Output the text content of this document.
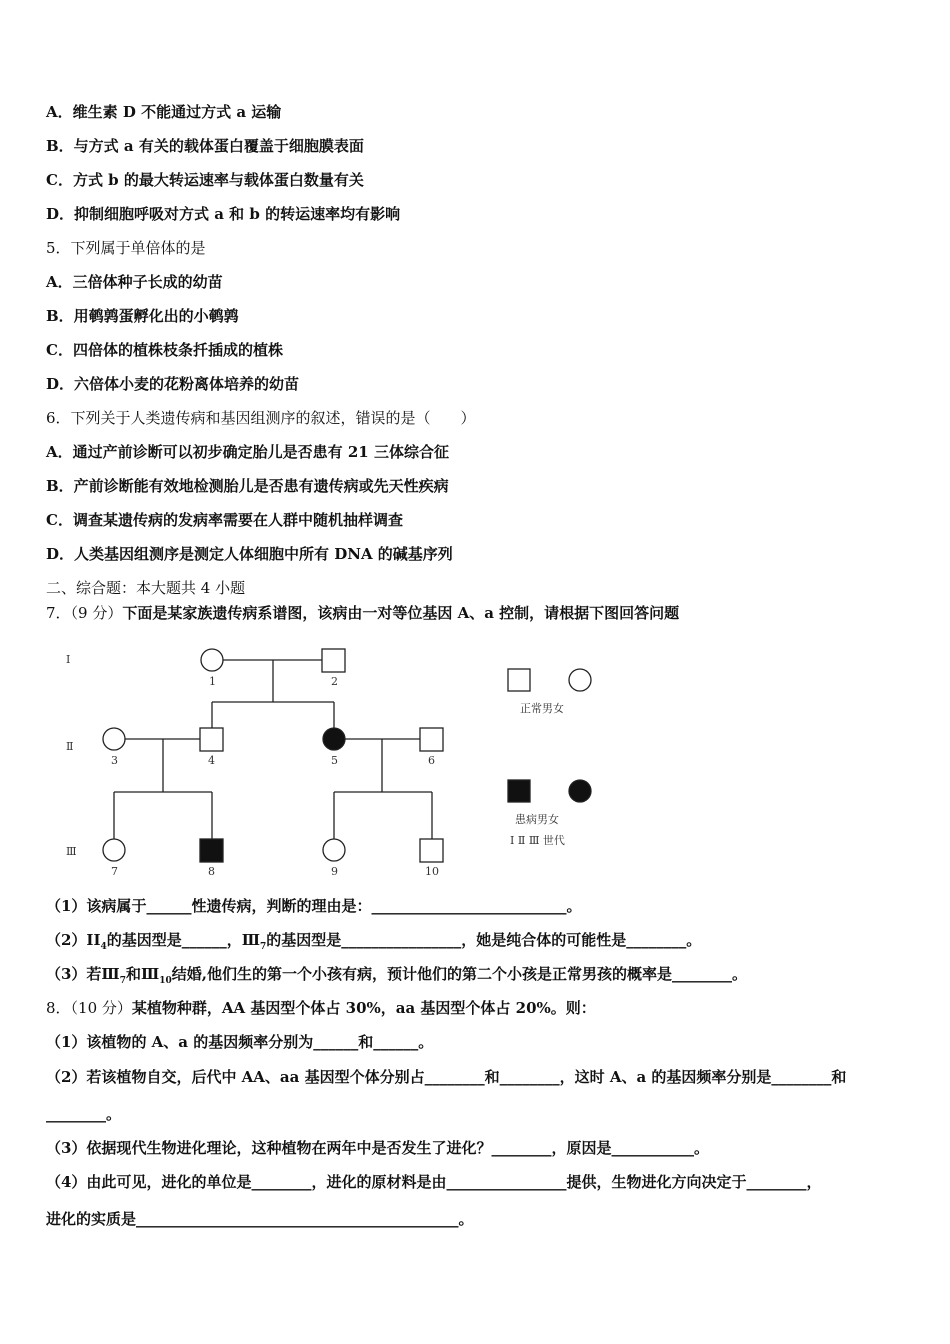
A．维生素 D 不能通过方式 a 运输
B．与方式 a 有关的载体蛋白覆盖于细胞膜表面
C．方式 b 的最大转运速率与载体蛋白数量有关
D．抑制细胞呼吸对方式 a 和 b 的转运速率均有影响
5．下列属于单倍体的是
A．三倍体种子长成的幼苗
B．用鹌鹑蛋孵化出的小鹌鹑
C．四倍体的植株枝条扦插成的植株
D．六倍体小麦的花粉离体培养的幼苗
6．下列关于人类遗传病和基因组测序的叙述，错误的是（　　）
A．通过产前诊断可以初步确定胎儿是否患有 21 三体综合征
B．产前诊断能有效地检测胎儿是否患有遗传病或先天性疾病
C．调查某遗传病的发病率需要在人群中随机抽样调查
D．人类基因组测序是测定人体细胞中所有 DNA 的碱基序列
二、综合题：本大题共 4 小题
7．（9 分）下面是某家族遗传病系谱图，该病由一对等位基因 A、a 控制，请根据下图回答问题
Ⅰ
Ⅱ
Ⅲ
1	2
3	4	5	6
7	8	9	10
正常男女
患病男女
Ⅰ Ⅱ Ⅲ 世代
（1）该病属于______性遗传病，判断的理由是：__________________________。
$(2)II_4$的基因型是______，$Ⅲ_7$的基因型是________________，她是纯合体的可能性是________。
（3）若$Ⅲ_7$和$Ⅲ_{10}$结婚,他们生的第一个小孩有病，预计他们的第二个小孩是正常男孩的概率是________。
8．（10 分）某植物种群，AA 基因型个体占 30%，aa 基因型个体占 20%。则：
（1）该植物的 A、a 的基因频率分别为______和______。
（2）若该植物自交，后代中 AA、aa 基因型个体分别占________和________，这时 A、a 的基因频率分别是________和
________。
（3）依据现代生物进化理论，这种植物在两年中是否发生了进化？________，原因是___________。
（4）由此可见，进化的单位是________，进化的原材料是由________________提供，生物进化方向决定于________，
进化的实质是___________________________________________。
